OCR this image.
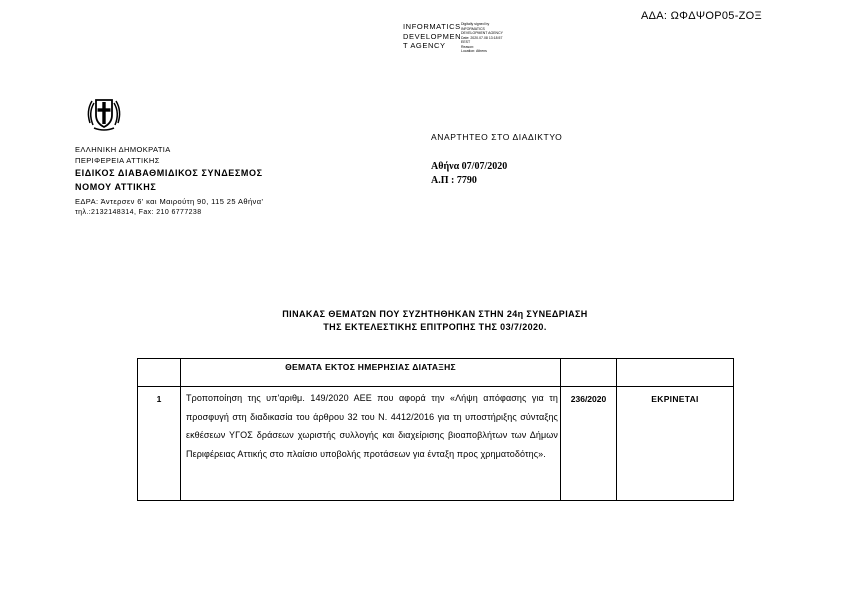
ΑΔΑ: ΩΦΔΨΟΡ05-ΖΟΞ
INFORMATICS
DEVELOPMEN
T AGENCY
Digitally signed by
INFORMATICS
DEVELOPMENT AGENCY
Date: 2020.07.08 13:18:57
EEST
Reason:
Location: Athens
ΕΛΛΗΝΙΚΗ ΔΗΜΟΚΡΑΤΙΑ
ΠΕΡΙΦΕΡΕΙΑ ΑΤΤΙΚΗΣ
ΕΙΔΙΚΟΣ ΔΙΑΒΑΘΜΙΔΙΚΟΣ ΣΥΝΔΕΣΜΟΣ
ΝΟΜΟΥ ΑΤΤΙΚΗΣ
ΕΔΡΑ: Άντερσεν 6' και Μαιρούτη 90, 115 25 Αθήνα'
τηλ.:2132148314, Fax: 210 6777238
ΑΝΑΡΤΗΤΕΟ ΣΤΟ ΔΙΑΔΙΚΤΥΟ
Αθήνα 07/07/2020
Α.Π : 7790
ΠΙΝΑΚΑΣ ΘΕΜΑΤΩΝ ΠΟΥ ΣΥΖΗΤΗΘΗΚΑΝ ΣΤΗΝ 24η ΣΥΝΕΔΡΙΑΣΗ
ΤΗΣ ΕΚΤΕΛΕΣΤΙΚΗΣ ΕΠΙΤΡΟΠΗΣ ΤΗΣ 03/7/2020.
	ΘΕΜΑΤΑ ΕΚΤΟΣ ΗΜΕΡΗΣΙΑΣ ΔΙΑΤΑΞΗΣ		
1	Τροποποίηση της υπ'αριθμ. 149/2020 ΑΕΕ που αφορά την «Λήψη απόφασης για τη προσφυγή στη διαδικασία του άρθρου 32 του Ν. 4412/2016 για τη υποστήριξης σύνταξης εκθέσεων ΥΓΟΣ δράσεων χωριστής συλλογής και διαχείρισης βιοαποβλήτων των Δήμων Περιφέρειας Αττικής στο πλαίσιο υποβολής προτάσεων για ένταξη προς χρηματοδότης».	236/2020	ΕΚΡΙΝΕΤΑΙ
